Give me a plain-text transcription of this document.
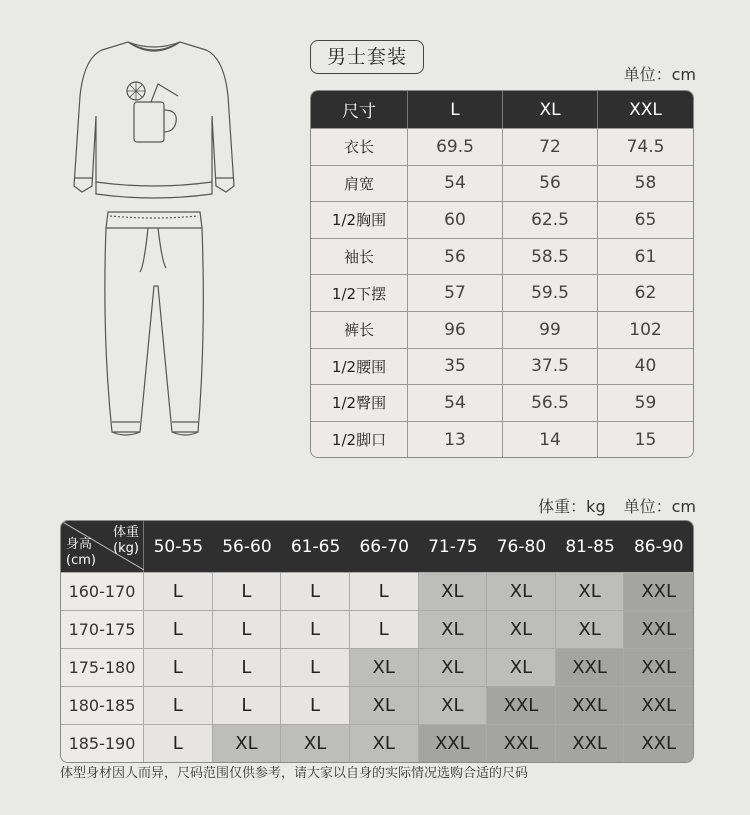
男士套装
单位：cm
尺寸	L	XL	XXL
衣长	69.5	72	74.5
肩宽	54	56	58
1/2胸围	60	62.5	65
袖长	56	58.5	61
1/2下摆	57	59.5	62
裤长	96	99	102
1/2腰围	35	37.5	40
1/2臀围	54	56.5	59
1/2脚口	13	14	15
体重：kg 单位：cm
体重
(kg)
身高
(cm)	50-55	56-60	61-65	66-70	71-75	76-80	81-85	86-90
160-170	L	L	L	L	XL	XL	XL	XXL
170-175	L	L	L	L	XL	XL	XL	XXL
175-180	L	L	L	XL	XL	XL	XXL	XXL
180-185	L	L	L	XL	XL	XXL	XXL	XXL
185-190	L	XL	XL	XL	XXL	XXL	XXL	XXL
体型身材因人而异，尺码范围仅供参考，请大家以自身的实际情况选购合适的尺码
